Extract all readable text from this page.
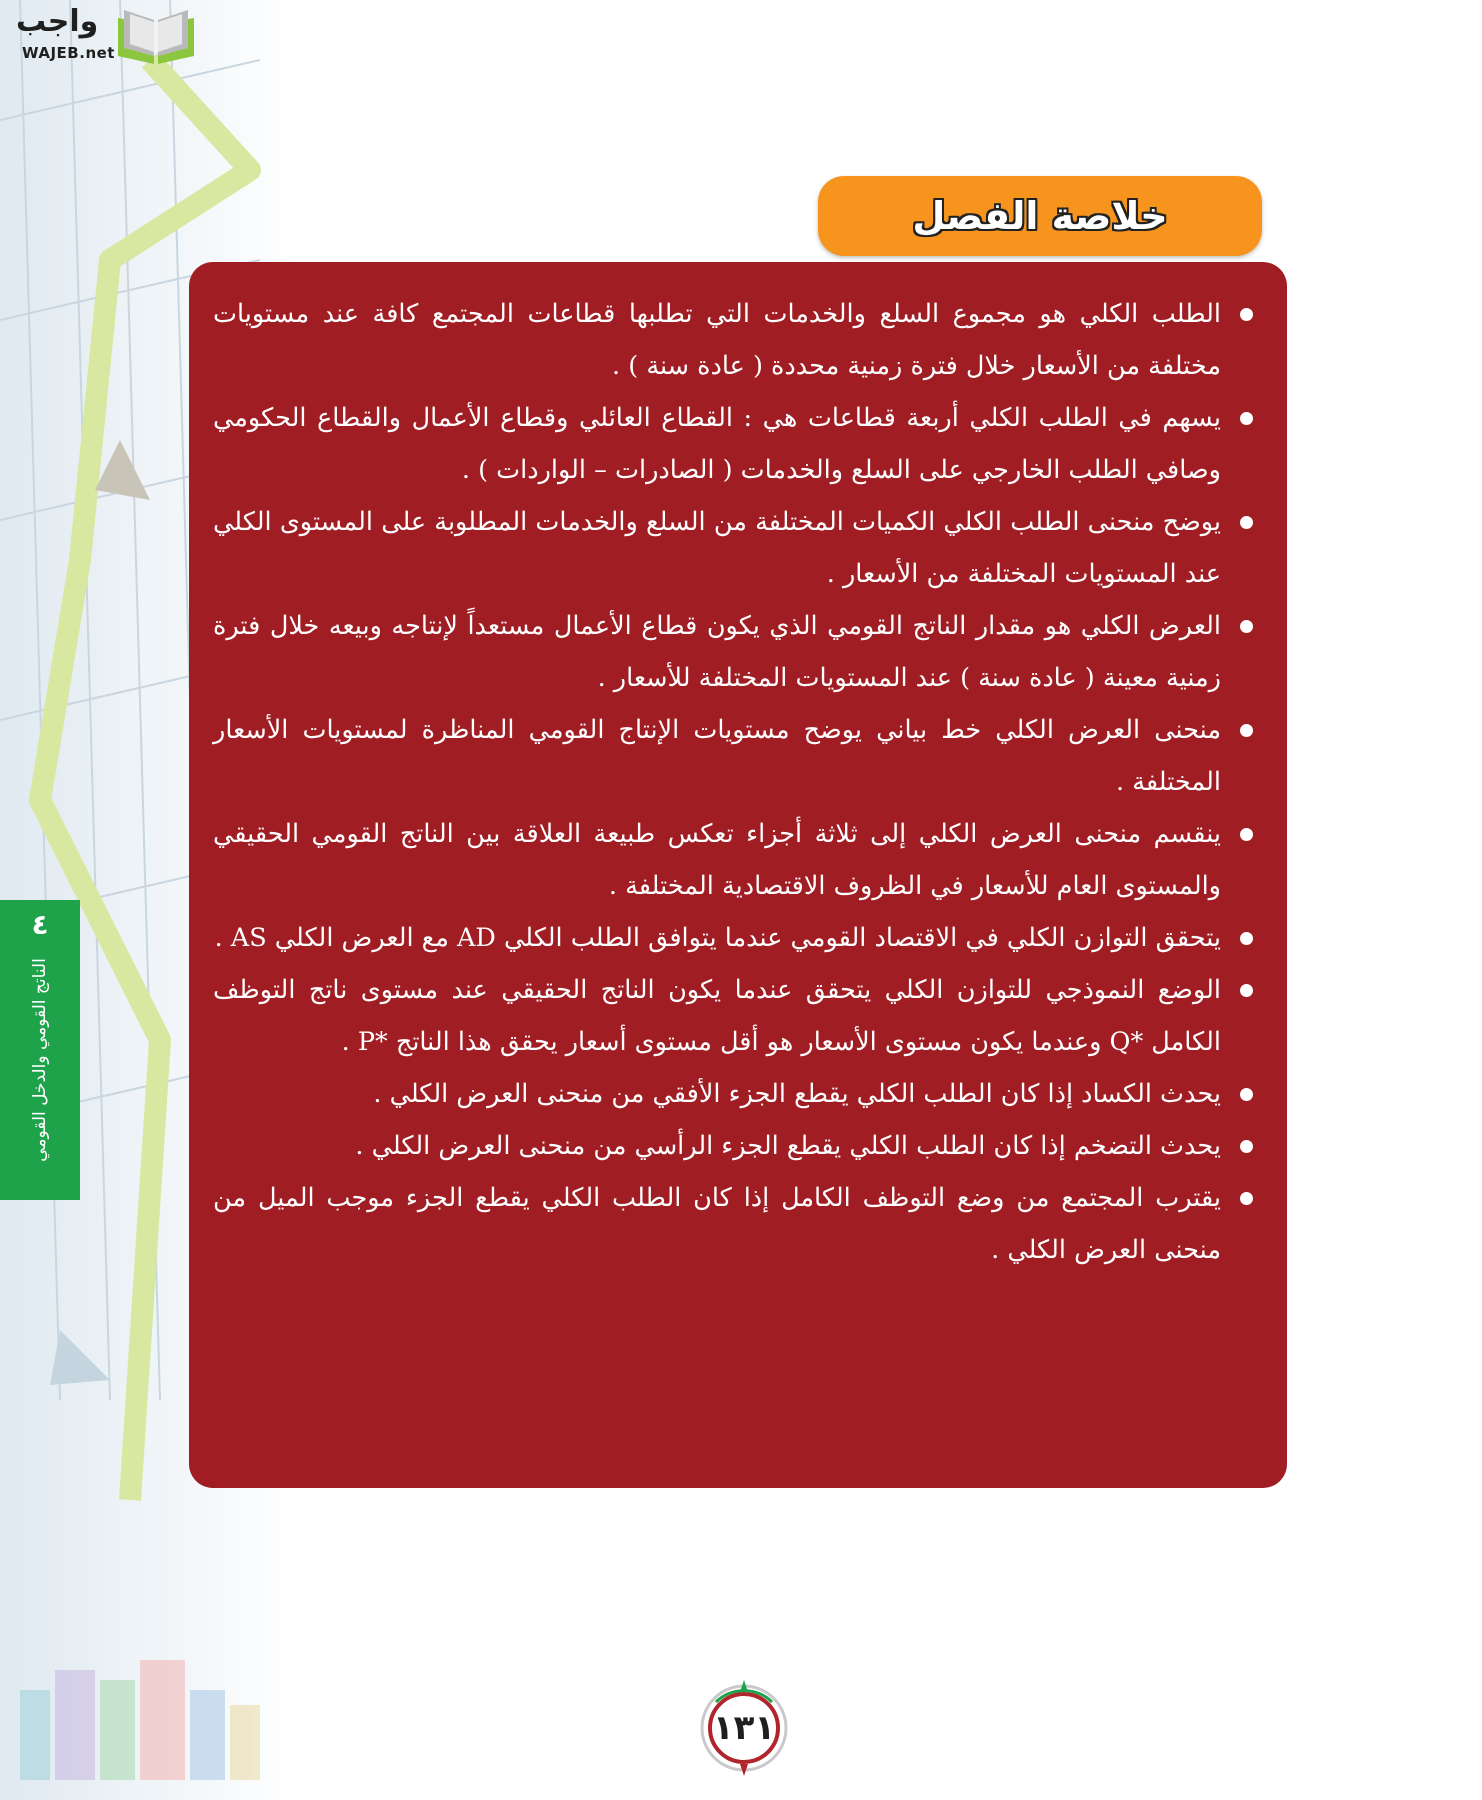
واجب
WAJEB.net
خلاصة الفصل
الطلب الكلي هو مجموع السلع والخدمات التي تطلبها قطاعات المجتمع كافة عند مستويات مختلفة من الأسعار خلال فترة زمنية محددة ( عادة سنة ) .
يسهم في الطلب الكلي أربعة قطاعات هي : القطاع العائلي وقطاع الأعمال والقطاع الحكومي وصافي الطلب الخارجي على السلع والخدمات ( الصادرات – الواردات ) .
يوضح منحنى الطلب الكلي الكميات المختلفة من السلع والخدمات المطلوبة على المستوى الكلي عند المستويات المختلفة من الأسعار .
العرض الكلي هو مقدار الناتج القومي الذي يكون قطاع الأعمال مستعداً لإنتاجه وبيعه خلال فترة زمنية معينة ( عادة سنة ) عند المستويات المختلفة للأسعار .
منحنى العرض الكلي خط بياني يوضح مستويات الإنتاج القومي المناظرة لمستويات الأسعار المختلفة .
ينقسم منحنى العرض الكلي إلى ثلاثة أجزاء تعكس طبيعة العلاقة بين الناتج القومي الحقيقي والمستوى العام للأسعار في الظروف الاقتصادية المختلفة .
يتحقق التوازن الكلي في الاقتصاد القومي عندما يتوافق الطلب الكلي AD مع العرض الكلي AS .
الوضع النموذجي للتوازن الكلي يتحقق عندما يكون الناتج الحقيقي عند مستوى ناتج التوظف الكامل *Q وعندما يكون مستوى الأسعار هو أقل مستوى أسعار يحقق هذا الناتج *P .
يحدث الكساد إذا كان الطلب الكلي يقطع الجزء الأفقي من منحنى العرض الكلي .
يحدث التضخم إذا كان الطلب الكلي يقطع الجزء الرأسي من منحنى العرض الكلي .
يقترب المجتمع من وضع التوظف الكامل إذا كان الطلب الكلي يقطع الجزء موجب الميل من منحنى العرض الكلي .
٤
الناتج القومي والدخل القومي
١٣١
